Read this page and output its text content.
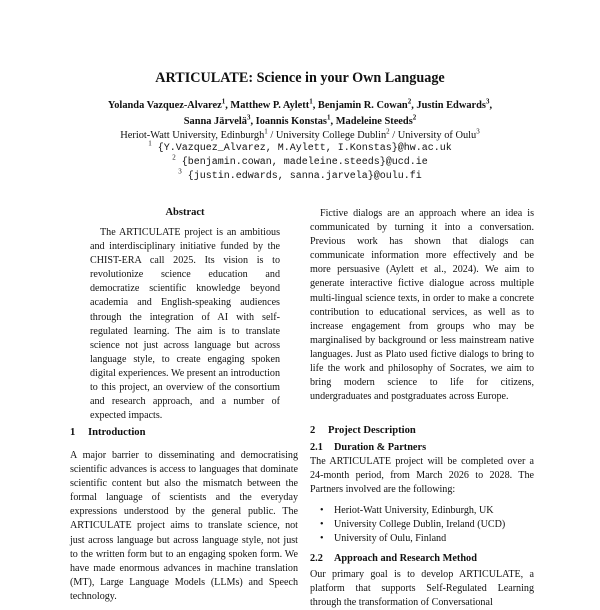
ARTICULATE: Science in your Own Language
Yolanda Vazquez-Alvarez$^1$, Matthew P. Aylett$^1$, Benjamin R. Cowan$^2$, Justin Edwards$^3$,
Sanna Järvelä$^3$, Ioannis Konstas$^1$, Madeleine Steeds$^2$
Heriot-Watt University, Edinburgh$^1$ / University College Dublin$^2$ / University of Oulu$^3$
$^1$ {Y.Vazquez_Alvarez, M.Aylett, I.Konstas}@hw.ac.uk
$^2$ {benjamin.cowan, madeleine.steeds}@ucd.ie
$^3$ {justin.edwards, sanna.jarvela}@oulu.fi
Abstract

The ARTICULATE project is an ambitious and interdisciplinary initiative funded by the CHIST-ERA call 2025. Its vision is to revolutionize science education and democratize scientific knowledge beyond academia and English-speaking audiences through the integration of AI with self-regulated learning. The aim is to translate science not just across language but across language style, to create engaging spoken digital experiences. We present an introduction to this project, an overview of the consortium and research approach, and a number of expected impacts.

1 Introduction

A major barrier to disseminating and democratising scientific advances is access to languages that dominate scientific content but also the mismatch between the formal language of scientists and the everyday expressions understood by the general public. The ARTICULATE project aims to translate science, not just across language but across language style, not just to the written form but to an engaging spoken form. We have made enormous advances in machine translation (MT), Large Language Models (LLMs) and Speech technology.

Fictive dialogs are an approach where an idea is communicated by turning it into a conversation. Previous work has shown that dialogs can communicate information more effectively and be more persuasive (Aylett et al., 2024). We aim to generate interactive fictive dialogue across multiple multi-lingual science texts, in order to make a concrete contribution to educational services, as well as to increase engagement from groups who may be marginalised by background or less mainstream native languages. Just as Plato used fictive dialogs to bring to life the work and philosophy of Socrates, we aim to bring modern science to life for citizens, undergraduates and postgraduates across Europe.

2 Project Description
2.1 Duration & Partners

The ARTICULATE project will be completed over a 24-month period, from March 2026 to 2028. The Partners involved are the following:

• Heriot-Watt University, Edinburgh, UK
• University College Dublin, Ireland (UCD)
• University of Oulu, Finland
2.2 Approach and Research Method

Our primary goal is to develop ARTICULATE, a platform that supports Self-Regulated Learning through the transformation of Conversational
